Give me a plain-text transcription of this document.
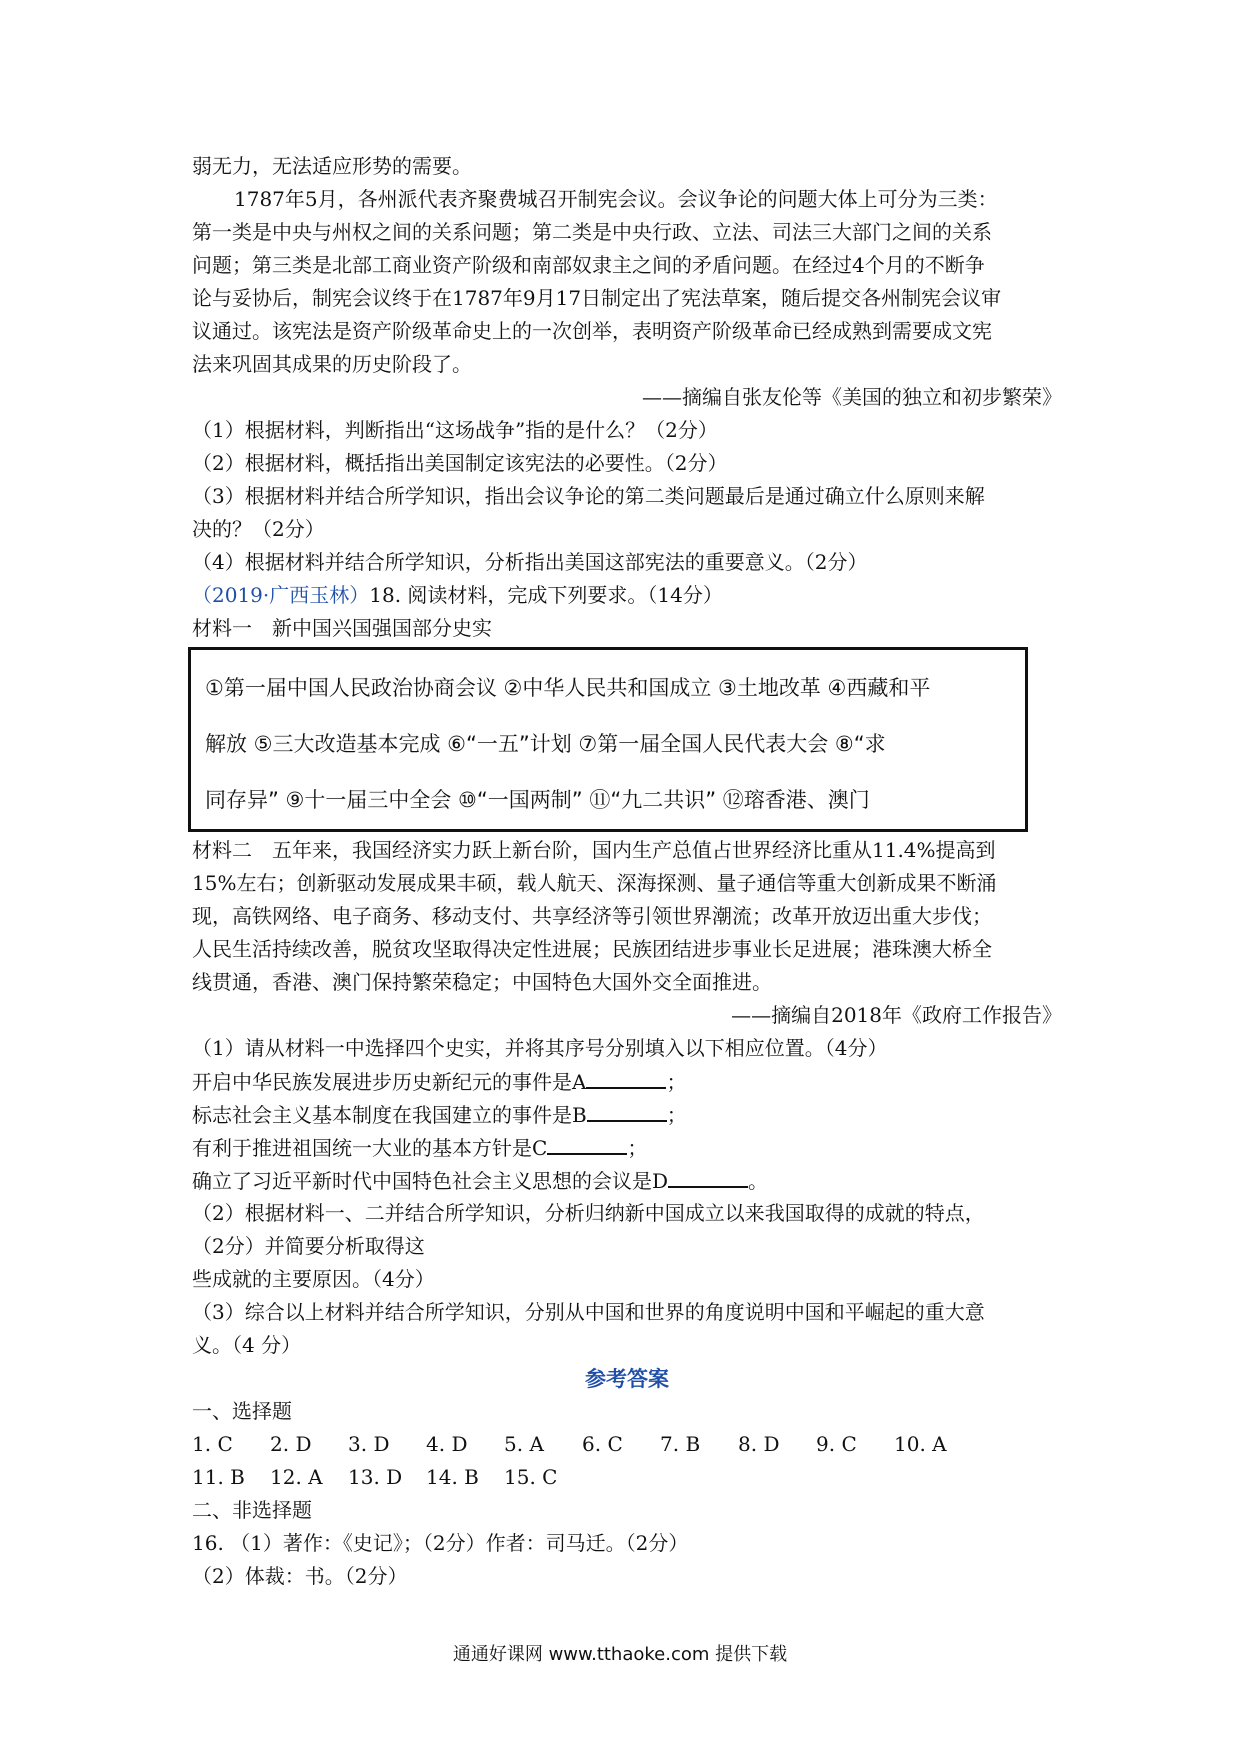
弱无力，无法适应形势的需要。
1787年5月，各州派代表齐聚费城召开制宪会议。会议争论的问题大体上可分为三类：
第一类是中央与州权之间的关系问题；第二类是中央行政、立法、司法三大部门之间的关系
问题；第三类是北部工商业资产阶级和南部奴隶主之间的矛盾问题。在经过4个月的不断争
论与妥协后，制宪会议终于在1787年9月17日制定出了宪法草案，随后提交各州制宪会议审
议通过。该宪法是资产阶级革命史上的一次创举，表明资产阶级革命已经成熟到需要成文宪
法来巩固其成果的历史阶段了。
——摘编自张友伦等《美国的独立和初步繁荣》
（1）根据材料，判断指出“这场战争”指的是什么？（2分）
（2）根据材料，概括指出美国制定该宪法的必要性。（2分）
（3）根据材料并结合所学知识，指出会议争论的第二类问题最后是通过确立什么原则来解
决的？（2分）
（4）根据材料并结合所学知识，分析指出美国这部宪法的重要意义。（2分）
（2019·广西玉林）18. 阅读材料，完成下列要求。（14分）
材料一　新中国兴国强国部分史实
①第一届中国人民政治协商会议 ②中华人民共和国成立 ③土地改革 ④西藏和平
解放 ⑤三大改造基本完成 ⑥“一五”计划 ⑦第一届全国人民代表大会 ⑧“求
同存异” ⑨十一届三中全会 ⑩“一国两制” ⑪“九二共识” ⑫瑢香港、澳门
材料二　五年来，我国经济实力跃上新台阶，国内生产总值占世界经济比重从11.4%提高到
15%左右；创新驱动发展成果丰硕，载人航天、深海探测、量子通信等重大创新成果不断涌
现，高铁网络、电子商务、移动支付、共享经济等引领世界潮流；改革开放迈出重大步伐；
人民生活持续改善，脱贫攻坚取得决定性进展；民族团结进步事业长足进展；港珠澳大桥全
线贯通，香港、澳门保持繁荣稳定；中国特色大国外交全面推进。
——摘编自2018年《政府工作报告》
（1）请从材料一中选择四个史实，并将其序号分别填入以下相应位置。（4分）
开启中华民族发展进步历史新纪元的事件是A	；
标志社会主义基本制度在我国建立的事件是B	；
有利于推进祖国统一大业的基本方针是C	；
确立了习近平新时代中国特色社会主义思想的会议是D	。
（2）根据材料一、二并结合所学知识，分析归纳新中国成立以来我国取得的成就的特点，
（2分）并简要分析取得这
些成就的主要原因。（4分）
（3）综合以上材料并结合所学知识，分别从中国和世界的角度说明中国和平崛起的重大意
义。（4 分）
参考答案
一、选择题
1. C 2. D 3. D 4. D 5. A 6. C 7. B 8. D 9. C 10. A
11. B 12. A 13. D 14. B 15. C
二、非选择题
16. （1）著作：《史记》；（2分）作者：司马迁。（2分）
（2）体裁：书。（2分）
通通好课网 www.tthaoke.com 提供下载
